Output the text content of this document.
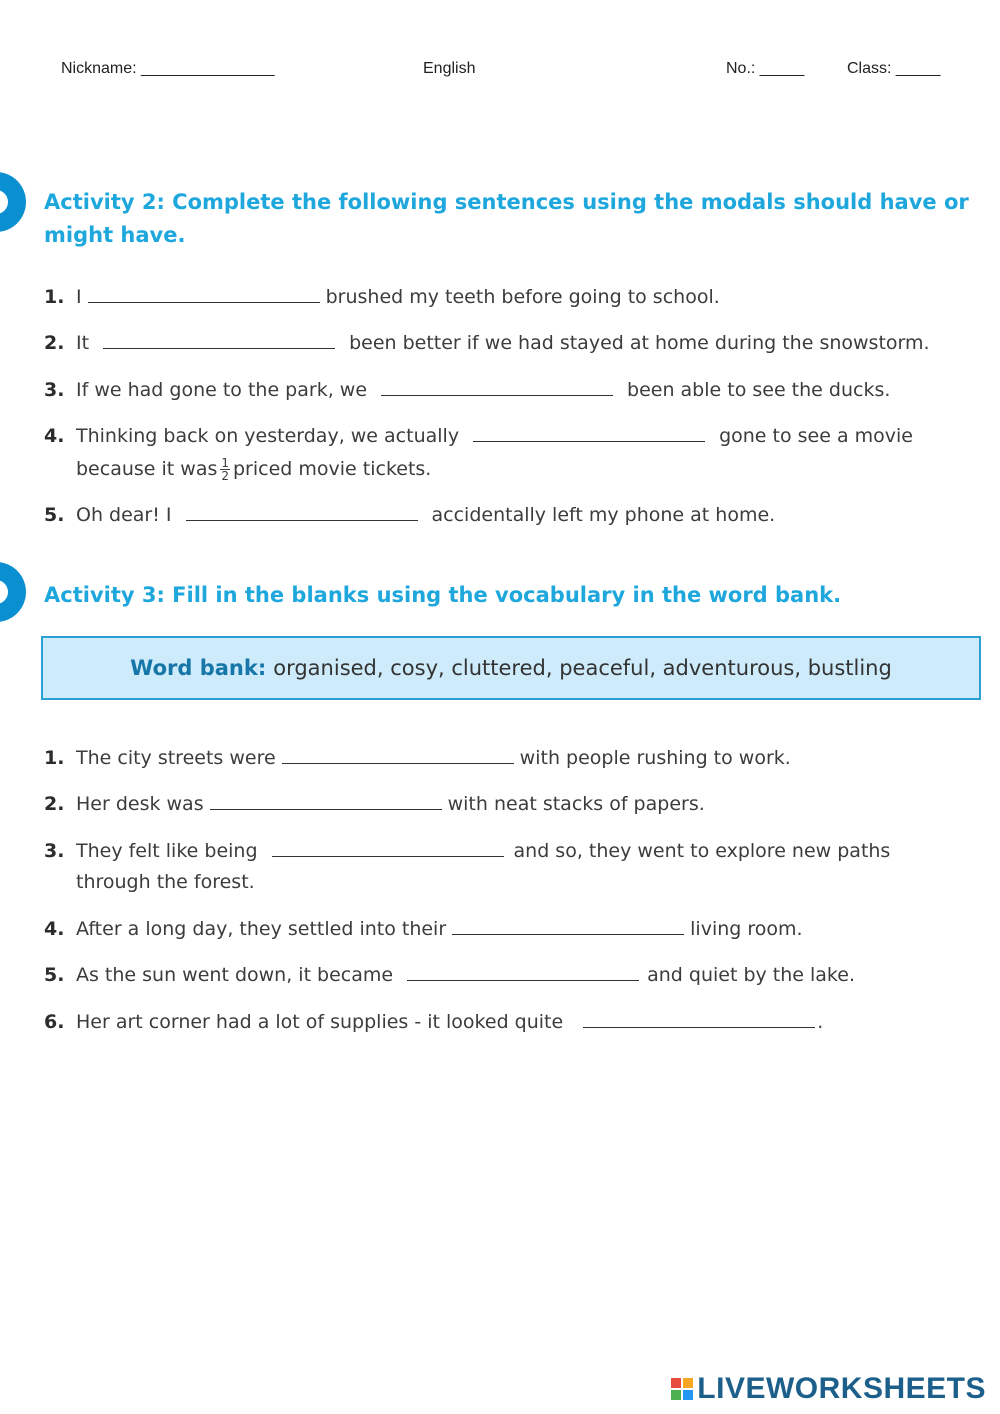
Nickname: _______________	English	No.: _____	Class: _____
Activity 2: Complete the following sentences using the modals should have or might have.
1. I	brushed my teeth before going to school.
2. It	been better if we had stayed at home during the snowstorm.
3. If we had gone to the park, we	been able to see the ducks.
4. Thinking back on yesterday, we actually	gone to see a movie
because it was $\frac{1}{2}$ priced movie tickets.
5. Oh dear! I	accidentally left my phone at home.
Activity 3: Fill in the blanks using the vocabulary in the word bank.
Word bank: organised, cosy, cluttered, peaceful, adventurous, bustling
1. The city streets were	with people rushing to work.
2. Her desk was	with neat stacks of papers.
3. They felt like being	and so, they went to explore new paths
through the forest.
4. After a long day, they settled into their	living room.
5. As the sun went down, it became	and quiet by the lake.
6. Her art corner had a lot of supplies - it looked quite	.
LIVEWORKSHEETS
